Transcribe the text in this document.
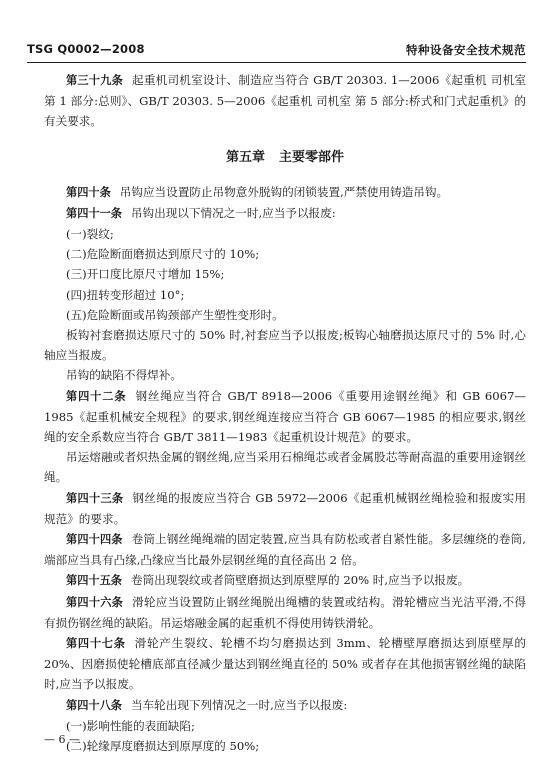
TSG Q0002—2008	特种设备安全技术规范

第三十九条 起重机司机室设计、制造应当符合 GB/T 20303. 1—2006《起重机 司机室 第 1 部分:总则》、GB/T 20303. 5—2006《起重机 司机室 第 5 部分:桥式和门式起重机》的有关要求。

第五章 主要零部件

第四十条 吊钩应当设置防止吊物意外脱钩的闭锁装置,严禁使用铸造吊钩。

第四十一条 吊钩出现以下情况之一时,应当予以报废:

(一)裂纹;

(二)危险断面磨损达到原尺寸的 10%;

(三)开口度比原尺寸增加 15%;

(四)扭转变形超过 10°;

(五)危险断面或吊钩颈部产生塑性变形时。

板钩衬套磨损达原尺寸的 50% 时,衬套应当予以报废;板钩心轴磨损达原尺寸的 5% 时,心轴应当报废。

吊钩的缺陷不得焊补。

第四十二条 钢丝绳应当符合 GB/T 8918—2006《重要用途钢丝绳》和 GB 6067—1985《起重机械安全规程》的要求,钢丝绳连接应当符合 GB 6067—1985 的相应要求,钢丝绳的安全系数应当符合 GB/T 3811—1983《起重机设计规范》的要求。

吊运熔融或者炽热金属的钢丝绳,应当采用石棉绳芯或者金属股芯等耐高温的重要用途钢丝绳。

第四十三条 钢丝绳的报废应当符合 GB 5972—2006《起重机械钢丝绳检验和报废实用规范》的要求。

第四十四条 卷筒上钢丝绳绳端的固定装置,应当具有防松或者自紧性能。多层缠绕的卷筒,端部应当具有凸缘,凸缘应当比最外层钢丝绳的直径高出 2 倍。

第四十五条 卷筒出现裂纹或者筒壁磨损达到原壁厚的 20% 时,应当予以报废。

第四十六条 滑轮应当设置防止钢丝绳脱出绳槽的装置或结构。滑轮槽应当光洁平滑,不得有损伤钢丝绳的缺陷。吊运熔融金属的起重机不得使用铸铁滑轮。

第四十七条 滑轮产生裂纹、轮槽不均匀磨损达到 3mm、轮槽壁厚磨损达到原壁厚的 20%、因磨损使轮槽底部直径减少量达到钢丝绳直径的 50% 或者存在其他损害钢丝绳的缺陷时,应当予以报废。

第四十八条 当车轮出现下列情况之一时,应当予以报废:

(一)影响性能的表面缺陷;

(二)轮缘厚度磨损达到原厚度的 50%;

— 6 —
